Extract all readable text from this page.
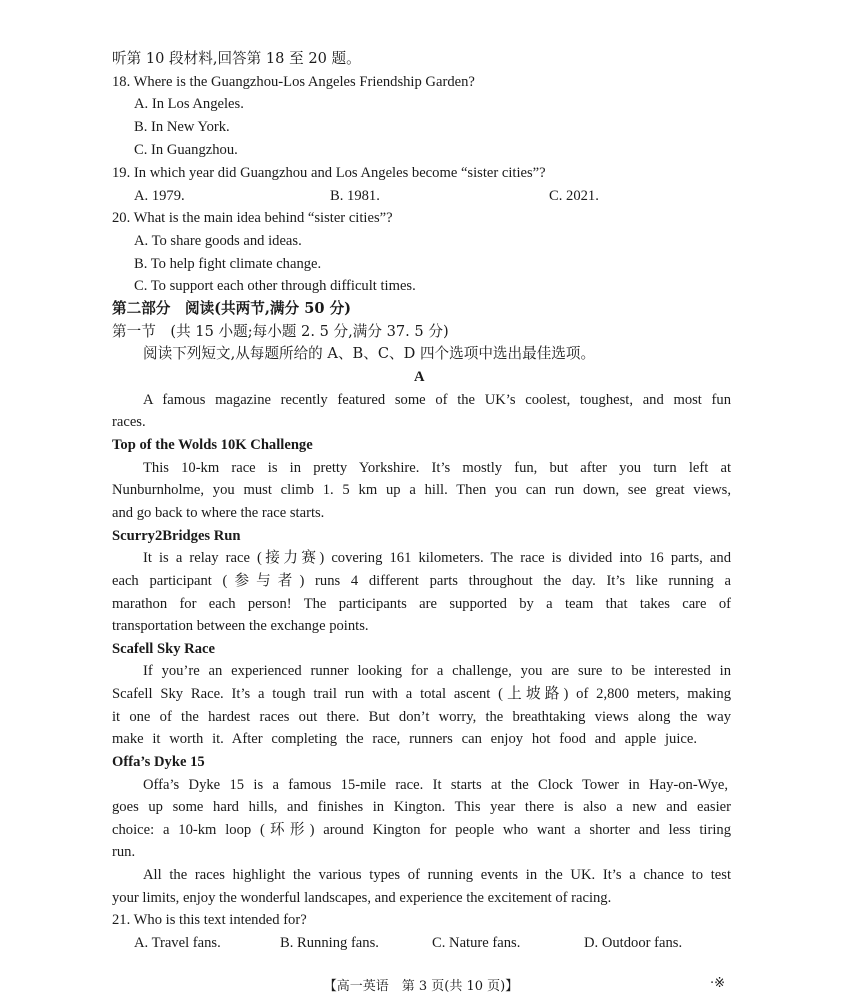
听第 10 段材料,回答第 18 至 20 题。
18. Where is the Guangzhou-Los Angeles Friendship Garden?
A. In Los Angeles.
B. In New York.
C. In Guangzhou.
19. In which year did Guangzhou and Los Angeles become “sister cities”?
A. 1979.	B. 1981.	C. 2021.
20. What is the main idea behind “sister cities”?
A. To share goods and ideas.
B. To help fight climate change.
C. To support each other through difficult times.
第二部分　阅读(共两节,满分 50 分)
第一节　(共 15 小题;每小题 2. 5 分,满分 37. 5 分)
阅读下列短文,从每题所给的 A、B、C、D 四个选项中选出最佳选项。
A
A famous magazine recently featured some of the UK’s coolest, toughest, and most fun
races.
Top of the Wolds 10K Challenge
This 10-km race is in pretty Yorkshire. It’s mostly fun, but after you turn left at
Nunburnholme, you must climb 1. 5 km up a hill. Then you can run down, see great views,
and go back to where the race starts.
Scurry2Bridges Run
It is a relay race (接力赛) covering 161 kilometers. The race is divided into 16 parts, and
each participant (参与者) runs 4 different parts throughout the day. It’s like running a
marathon for each person! The participants are supported by a team that takes care of
transportation between the exchange points.
Scafell Sky Race
If you’re an experienced runner looking for a challenge, you are sure to be interested in
Scafell Sky Race. It’s a tough trail run with a total ascent (上坡路) of 2,800 meters, making
it one of the hardest races out there. But don’t worry, the breathtaking views along the way
make it worth it. After completing the race, runners can enjoy hot food and apple juice.
Offa’s Dyke 15
Offa’s Dyke 15 is a famous 15-mile race. It starts at the Clock Tower in Hay-on-Wye,
goes up some hard hills, and finishes in Kington. This year there is also a new and easier
choice: a 10-km loop (环形) around Kington for people who want a shorter and less tiring
run.
All the races highlight the various types of running events in the UK. It’s a chance to test
your limits, enjoy the wonderful landscapes, and experience the excitement of racing.
21. Who is this text intended for?
A. Travel fans.	B. Running fans.	C. Nature fans.	D. Outdoor fans.
【高一英语　第 3 页(共 10 页)】	·※
